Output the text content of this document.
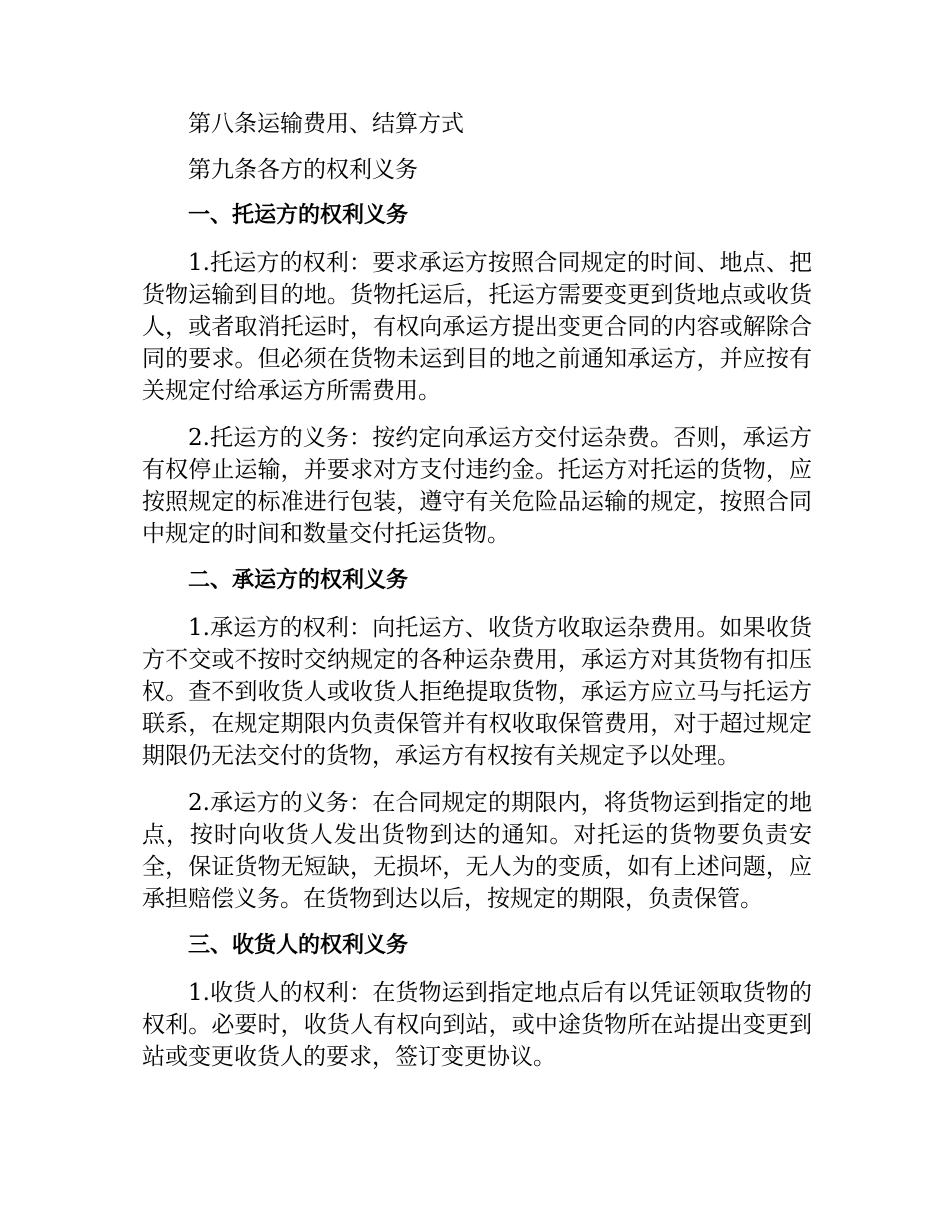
第八条运输费用、结算方式

第九条各方的权利义务

一、托运方的权利义务

1.托运方的权利：要求承运方按照合同规定的时间、地点、把货物运输到目的地。货物托运后，托运方需要变更到货地点或收货人，或者取消托运时，有权向承运方提出变更合同的内容或解除合同的要求。但必须在货物未运到目的地之前通知承运方，并应按有关规定付给承运方所需费用。

2.托运方的义务：按约定向承运方交付运杂费。否则，承运方有权停止运输，并要求对方支付违约金。托运方对托运的货物，应按照规定的标准进行包装，遵守有关危险品运输的规定，按照合同中规定的时间和数量交付托运货物。

二、承运方的权利义务

1.承运方的权利：向托运方、收货方收取运杂费用。如果收货方不交或不按时交纳规定的各种运杂费用，承运方对其货物有扣压权。查不到收货人或收货人拒绝提取货物，承运方应立马与托运方联系，在规定期限内负责保管并有权收取保管费用，对于超过规定期限仍无法交付的货物，承运方有权按有关规定予以处理。

2.承运方的义务：在合同规定的期限内，将货物运到指定的地点，按时向收货人发出货物到达的通知。对托运的货物要负责安全，保证货物无短缺，无损坏，无人为的变质，如有上述问题，应承担赔偿义务。在货物到达以后，按规定的期限，负责保管。

三、收货人的权利义务

1.收货人的权利：在货物运到指定地点后有以凭证领取货物的权利。必要时，收货人有权向到站，或中途货物所在站提出变更到站或变更收货人的要求，签订变更协议。
